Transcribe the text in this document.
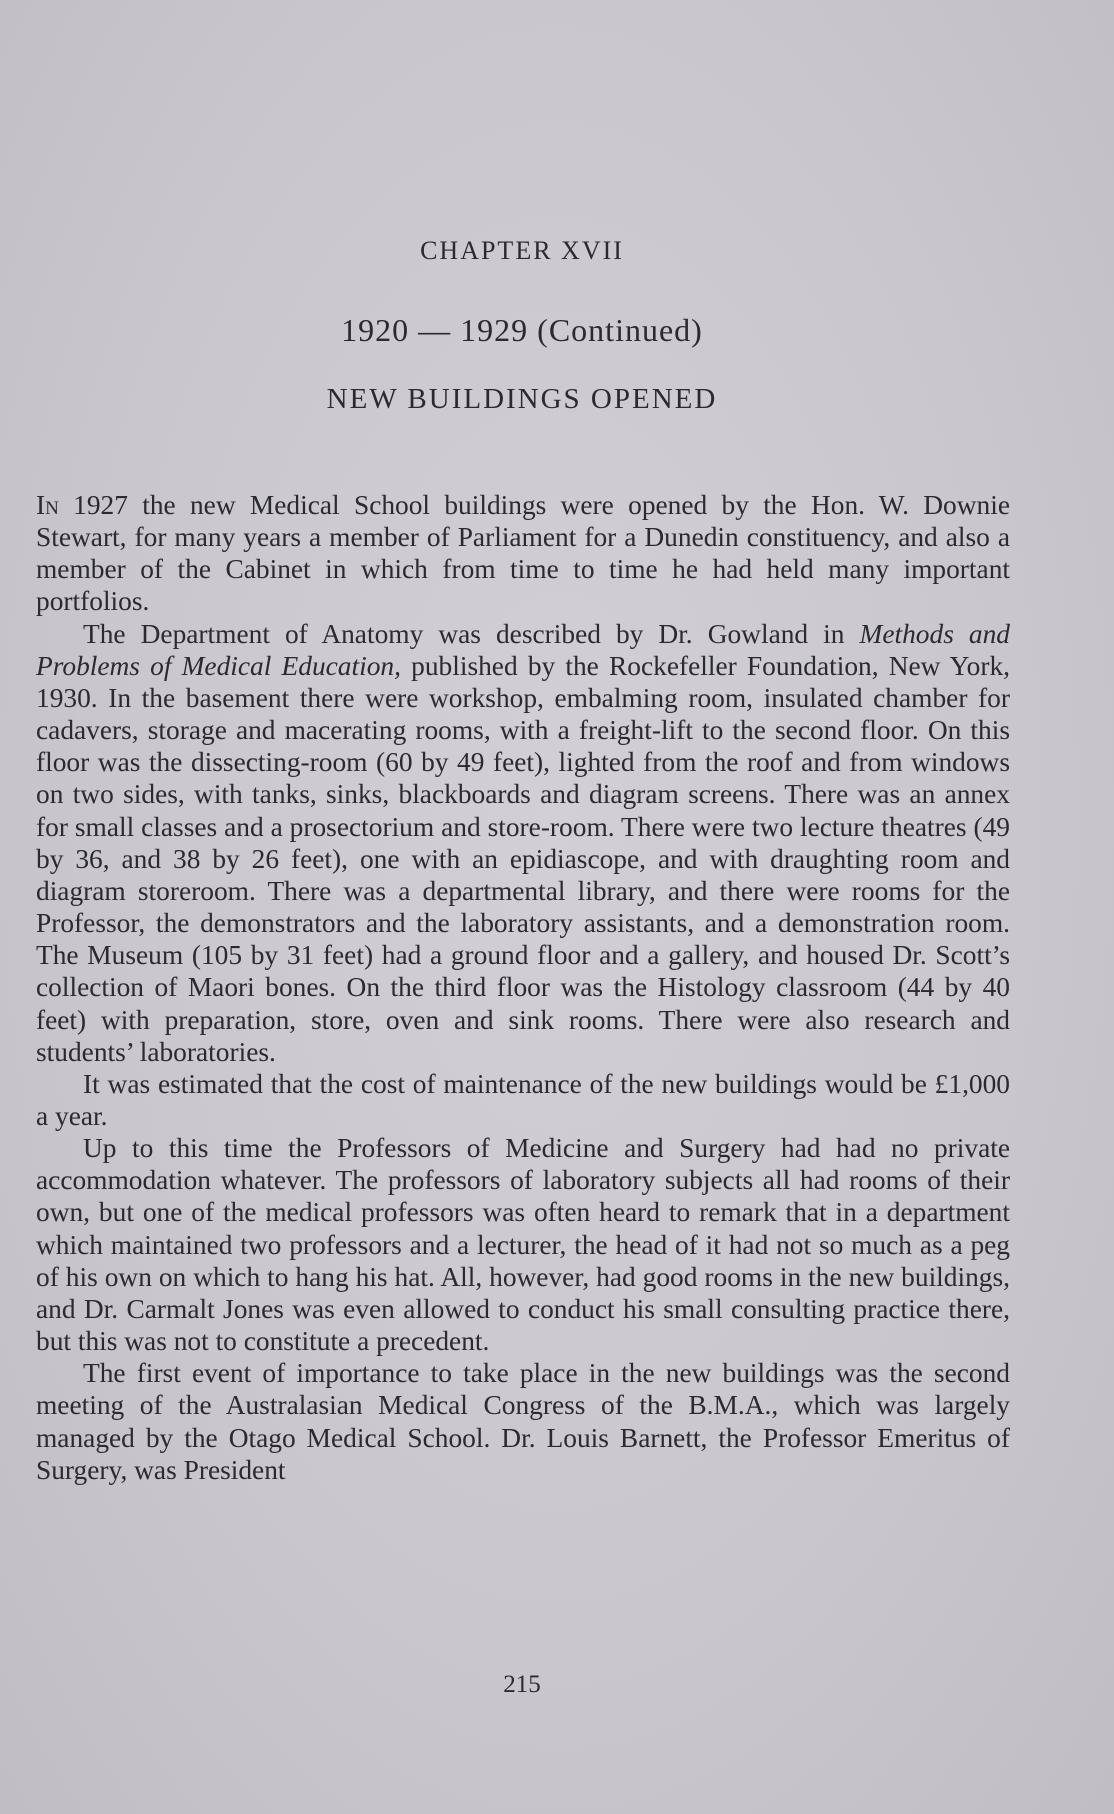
CHAPTER XVII
1920 — 1929 (Continued)
NEW BUILDINGS OPENED

In 1927 the new Medical School buildings were opened by the Hon. W. Downie Stewart, for many years a member of Parliament for a Dunedin constituency, and also a member of the Cabinet in which from time to time he had held many important portfolios.

The Department of Anatomy was described by Dr. Gowland in Methods and Problems of Medical Education, published by the Rockefeller Foundation, New York, 1930. In the basement there were workshop, embalming room, insulated chamber for cadavers, storage and macerating rooms, with a freight-lift to the second floor. On this floor was the dissecting-room (60 by 49 feet), lighted from the roof and from windows on two sides, with tanks, sinks, blackboards and diagram screens. There was an annex for small classes and a prosectorium and store-room. There were two lecture theatres (49 by 36, and 38 by 26 feet), one with an epidiascope, and with draughting room and diagram storeroom. There was a departmental library, and there were rooms for the Professor, the demonstrators and the laboratory assistants, and a demonstration room. The Museum (105 by 31 feet) had a ground floor and a gallery, and housed Dr. Scott’s collection of Maori bones. On the third floor was the Histology classroom (44 by 40 feet) with preparation, store, oven and sink rooms. There were also research and students’ laboratories.

It was estimated that the cost of maintenance of the new buildings would be £1,000 a year.

Up to this time the Professors of Medicine and Surgery had had no private accommodation whatever. The professors of laboratory subjects all had rooms of their own, but one of the medical professors was often heard to remark that in a department which maintained two professors and a lecturer, the head of it had not so much as a peg of his own on which to hang his hat. All, however, had good rooms in the new buildings, and Dr. Carmalt Jones was even allowed to conduct his small consulting practice there, but this was not to constitute a precedent.

The first event of importance to take place in the new buildings was the second meeting of the Australasian Medical Congress of the B.M.A., which was largely managed by the Otago Medical School. Dr. Louis Barnett, the Professor Emeritus of Surgery, was President

215
